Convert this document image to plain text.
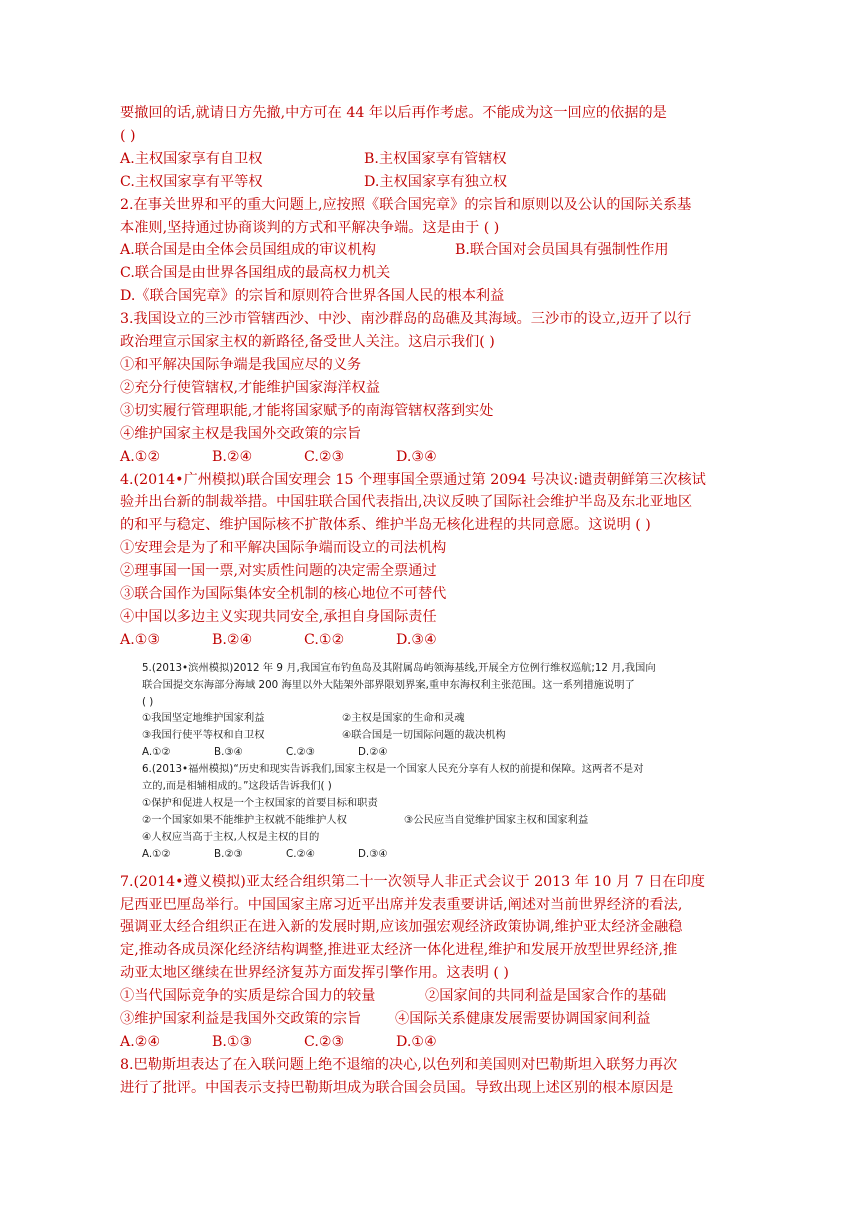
要撤回的话,就请日方先撤,中方可在 44 年以后再作考虑。不能成为这一回应的依据的是
( )
A.主权国家享有自卫权	B.主权国家享有管辖权
C.主权国家享有平等权	D.主权国家享有独立权
2.在事关世界和平的重大问题上,应按照《联合国宪章》的宗旨和原则以及公认的国际关系基
本准则,坚持通过协商谈判的方式和平解决争端。这是由于 ( )
A.联合国是由全体会员国组成的审议机构	B.联合国对会员国具有强制性作用
C.联合国是由世界各国组成的最高权力机关
D.《联合国宪章》的宗旨和原则符合世界各国人民的根本利益
3.我国设立的三沙市管辖西沙、中沙、南沙群岛的岛礁及其海域。三沙市的设立,迈开了以行
政治理宣示国家主权的新路径,备受世人关注。这启示我们( )
①和平解决国际争端是我国应尽的义务
②充分行使管辖权,才能维护国家海洋权益
③切实履行管理职能,才能将国家赋予的南海管辖权落到实处
④维护国家主权是我国外交政策的宗旨
A.①②	B.②④	C.②③	D.③④
4.(2014•广州模拟)联合国安理会 15 个理事国全票通过第 2094 号决议:谴责朝鲜第三次核试
验并出台新的制裁举措。中国驻联合国代表指出,决议反映了国际社会维护半岛及东北亚地区
的和平与稳定、维护国际核不扩散体系、维护半岛无核化进程的共同意愿。这说明 ( )
①安理会是为了和平解决国际争端而设立的司法机构
②理事国一国一票,对实质性问题的决定需全票通过
③联合国作为国际集体安全机制的核心地位不可替代
④中国以多边主义实现共同安全,承担自身国际责任
A.①③	B.②④	C.①②	D.③④
5.(2013•滨州模拟)2012 年 9 月,我国宣布钓鱼岛及其附属岛屿领海基线,开展全方位例行维权巡航;12 月,我国向
联合国提交东海部分海域 200 海里以外大陆架外部界限划界案,重申东海权利主张范围。这一系列措施说明了
( )
①我国坚定地维护国家利益	②主权是国家的生命和灵魂
③我国行使平等权和自卫权	④联合国是一切国际问题的裁决机构
A.①②	B.③④	C.②③	D.②④
6.(2013•福州模拟)“历史和现实告诉我们,国家主权是一个国家人民充分享有人权的前提和保障。这两者不是对
立的,而是相辅相成的。”这段话告诉我们( )
①保护和促进人权是一个主权国家的首要目标和职责
②一个国家如果不能维护主权就不能维护人权	③公民应当自觉维护国家主权和国家利益
④人权应当高于主权,人权是主权的目的
A.①②	B.②③	C.②④	D.③④
7.(2014•遵义模拟)亚太经合组织第二十一次领导人非正式会议于 2013 年 10 月 7 日在印度
尼西亚巴厘岛举行。中国国家主席习近平出席并发表重要讲话,阐述对当前世界经济的看法,
强调亚太经合组织正在进入新的发展时期,应该加强宏观经济政策协调,维护亚太经济金融稳
定,推动各成员深化经济结构调整,推进亚太经济一体化进程,维护和发展开放型世界经济,推
动亚太地区继续在世界经济复苏方面发挥引擎作用。这表明 ( )
①当代国际竞争的实质是综合国力的较量	②国家间的共同利益是国家合作的基础
③维护国家利益是我国外交政策的宗旨	④国际关系健康发展需要协调国家间利益
A.②④	B.①③	C.②③	D.①④
8.巴勒斯坦表达了在入联问题上绝不退缩的决心,以色列和美国则对巴勒斯坦入联努力再次
进行了批评。中国表示支持巴勒斯坦成为联合国会员国。导致出现上述区别的根本原因是
